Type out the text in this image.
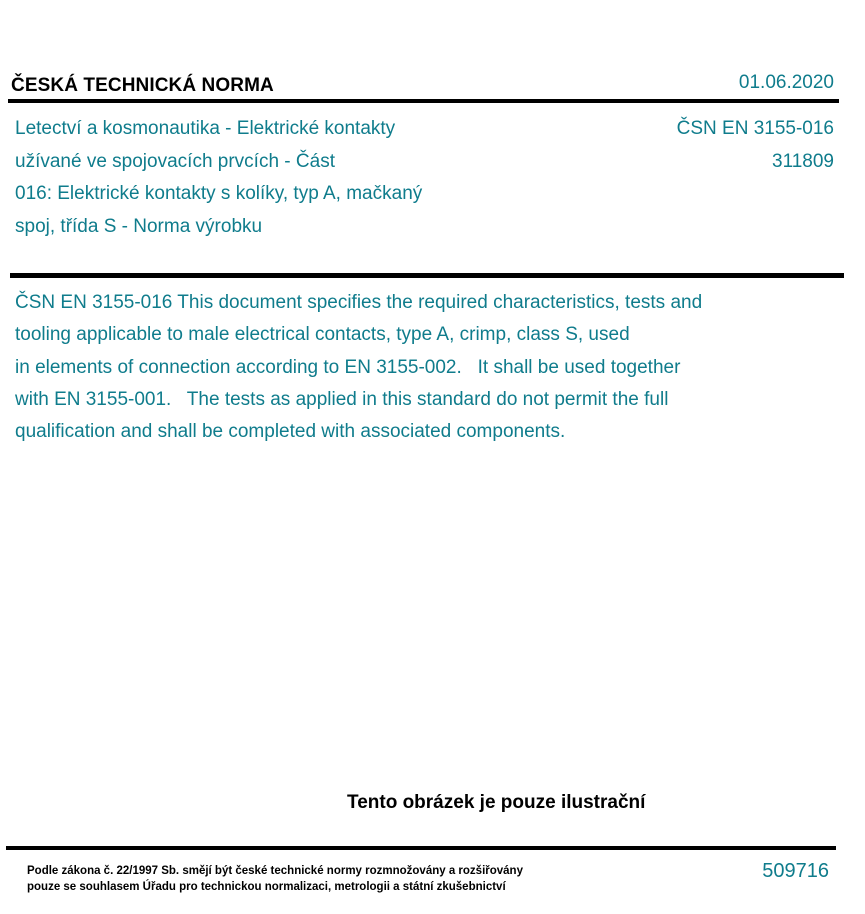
ČESKÁ TECHNICKÁ NORMA	01.06.2020
Letectví a kosmonautika - Elektrické kontakty
užívané ve spojovacích prvcích - Část
016: Elektrické kontakty s kolíky, typ A, mačkaný
spoj, třída S - Norma výrobku
ČSN EN 3155-016
311809
ČSN EN 3155-016 This document specifies the required characteristics, tests and
tooling applicable to male electrical contacts, type A, crimp, class S, used
in elements of connection according to EN 3155-002.   It shall be used together
with EN 3155-001.   The tests as applied in this standard do not permit the full
qualification and shall be completed with associated components.
Tento obrázek je pouze ilustrační
Podle zákona č. 22/1997 Sb. smějí být české technické normy rozmnožovány a rozšiřovány
pouze se souhlasem Úřadu pro technickou normalizaci, metrologii a státní zkušebnictví
509716
